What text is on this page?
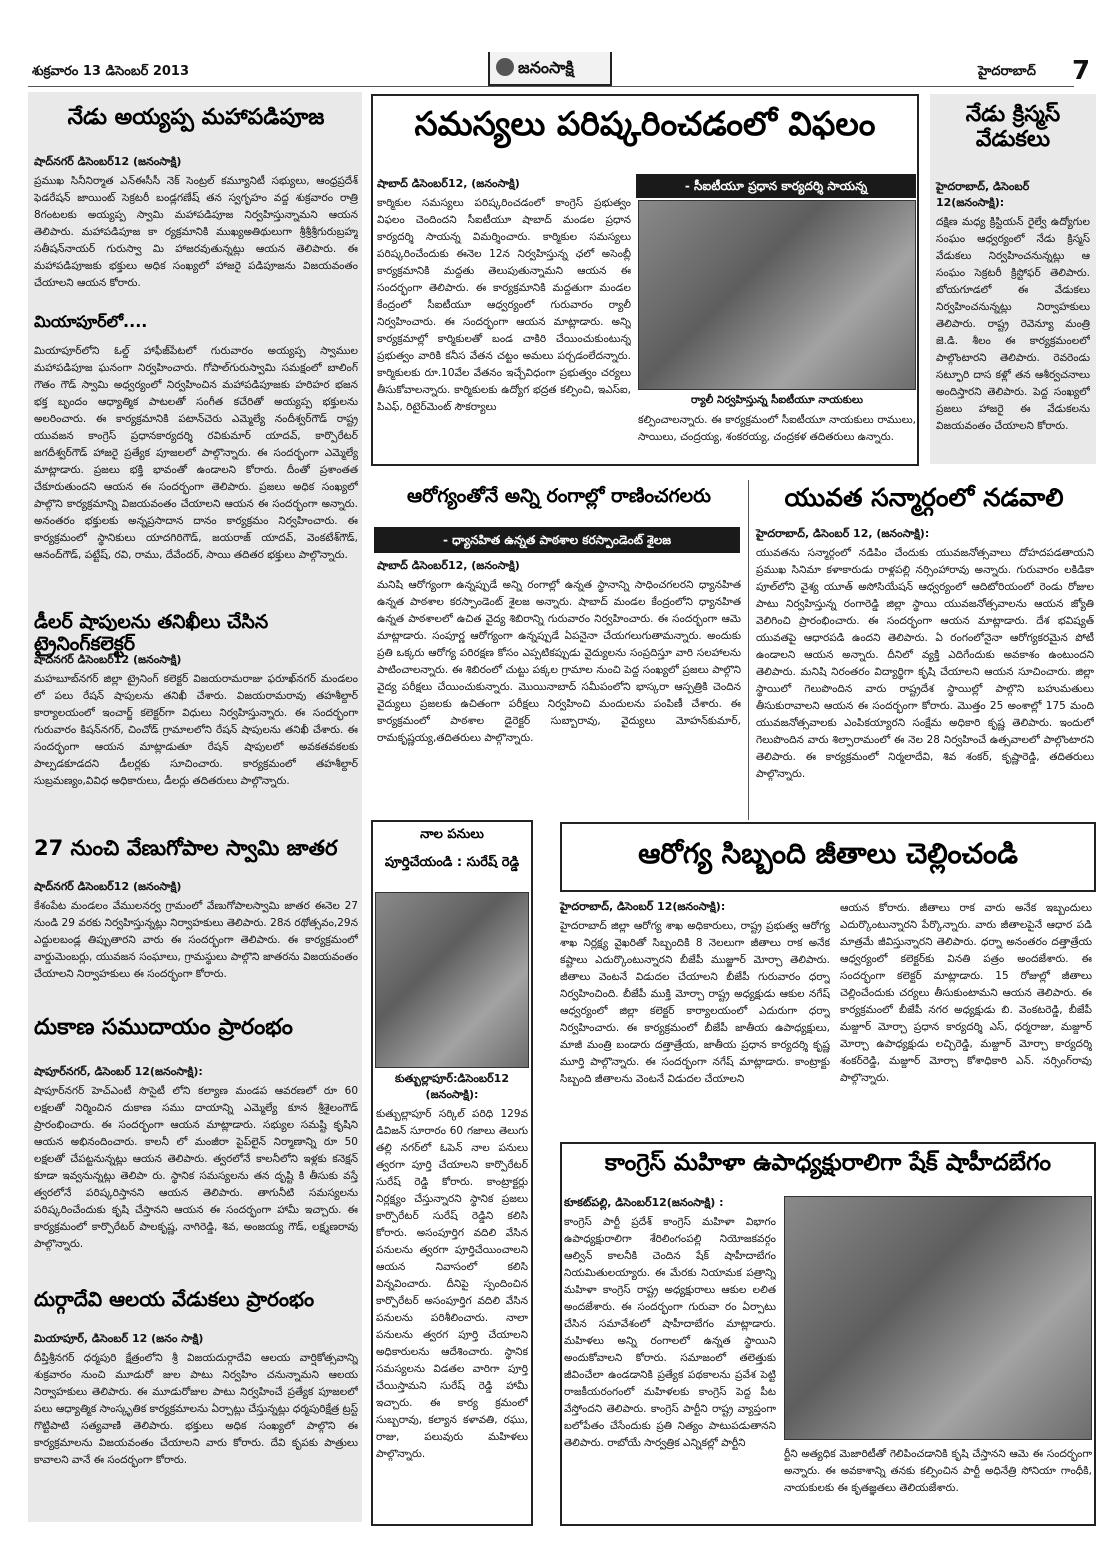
శుక్రవారం 13 డిసెంబర్ 2013	జనంసాక్షి	హైదరాబాద్ 7
నేడు అయ్యప్ప మహాపడిపూజ
షాద్‌నగర్ డిసెంబర్12 (జనంసాక్షి)
ప్రముఖ సినీనిర్మాత ఎన్‌ఈసీసీ నెక్ సెంట్రల్ కమ్యూనిటీ సభ్యులు, ఆంధ్రప్రదేశ్ ఫెడరేషన్ జాయింట్ సెక్రటరీ బండ్లగణేష్ తన స్వగృహం వద్ద శుక్రవారం రాత్రి 8గంటలకు అయ్యప్ప స్వామి మహాపడిపూజ నిర్వహిస్తున్నామని ఆయన తెలిపారు. మహాపడిపూజ కా ర్యక్రమానికి ముఖ్యఅతిథులుగా శ్రీశ్రీశ్రీగురుబ్రహ్మ సతీషన్‌నాయర్ గురుస్వా మి హాజరవుతున్నట్లు ఆయన తెలిపారు. ఈ మహాపడిపూజకు భక్తులు అధిక సంఖ్యలో హాజరై పడిపూజను విజయవంతం చేయాలని ఆయన కోరారు.
మియాపూర్‌లో....
మియాపూర్‌లోని ఓల్డ్ హాఫీజ్‌పేటలో గురువారం అయ్యప్ప స్వాముల మహాపడిపూజ ఘనంగా నిర్వహించారు. గోపాల్‌గురుస్వామి సమక్షంలో బాలింగ్ గౌతం గౌడ్ స్వామి అధ్వర్యంలో నిర్వహించిన మహాపడిపూజకు హరిహర భజన భక్త బృందం ఆధ్యాత్మిక పాటలతో సంగీత కచేరితో అయ్యప్ప భక్తులను అలరించారు. ఈ కార్యక్రమానికి పటాన్‌చెరు ఎమ్మెల్యే నందీశ్వర్‌గౌడ్ రాష్ట్ర యువజన కాంగ్రెస్ ప్రధానకార్యదర్శి రవికుమార్ యాదవ్, కార్పొరేటర్ జగదీశ్వర్‌గౌడ్ హాజరై ప్రత్యేక పూజలలో పాల్గొన్నారు. ఈ సందర్భంగా ఎమ్మెల్యే మాట్లాడారు. ప్రజలు భక్తి భావంతో ఉండాలని కోరారు. దీంతో ప్రశాంతత చేకూరుతుందని ఆయన ఈ సందర్భంగా తెలిపారు. ప్రజలు అధిక సంఖ్యలో పాల్గొని కార్యక్రమాన్ని విజయవంతం చేయాలని ఆయన ఈ సందర్భంగా అన్నారు. అనంతరం భక్తులకు అన్నప్రసాదాన దానం కార్యక్రమం నిర్వహించారు. ఈ కార్యక్రమంలో స్థానికులు యాదగిరిగౌడ్, జయరాజ్ యాదవ్, వెంకటేశ్‌గౌడ్, ఆనంద్‌గౌడ్, పట్టేష్, రవి, రాము, దేవేందర్, సాయి తదితర భక్తులు పాల్గొన్నారు.
డీలర్ షాపులను తనిఖీలు చేసిన ట్రైనింగ్‌కలెక్టర్
షాద్‌నగర్ డిసెంబర్12 (జనంసాక్షి)
మహబూబ్‌నగర్ జిల్లా ట్రైనింగ్ కలెక్టర్ విజయరామరాజు ఫరూఖ్‌నగర్ మండలం లో పలు రేషన్ షాపులను తనిఖీ చేశారు. విజయరామరావు తహశీల్దార్ కార్యాలయంలో ఇంచార్జ్ కలెక్టర్‌గా విధులు నిర్వహిస్తున్నారు. ఈ సందర్భంగా గురువారం కిషన్‌నగర్, చించోడ్ గ్రామాలలోని రేషన్ షాపులను తనిఖీ చేశారు. ఈ సందర్భంగా ఆయన మాట్లాడుతూ రేషన్ షాపులలో అవకతవకలకు పాల్పడకూడదని డీలర్లకు సూచించారు. కార్యక్రమంలో తహశీల్దార్ సుబ్రమణ్యం,వివిధ అధికారులు, డీలర్లు తదితరులు పాల్గొన్నారు.
27 నుంచి వేణుగోపాల స్వామి జాతర
షాద్‌నగర్ డిసెంబర్12 (జనంసాక్షి)
కేశంపేట మండలం వేములనర్వ గ్రామంలో వేణుగోపాలస్వామి జాతర ఈనెల 27 నుండి 29 వరకు నిర్వహిస్తున్నట్లు నిర్వాహకులు తెలిపారు. 28న రథోత్సవం,29న ఎద్దులబండ్ల తిప్పుతారని వారు ఈ సందర్భంగా తెలిపారు. ఈ కార్యక్రమంలో వార్డుమెంబర్లు, యువజన సంఘాలు, గ్రామస్థులు పాల్గొని జాతరను విజయవంతం చేయాలని నిర్వాహకులు ఈ సందర్భంగా కోరారు.
దుకాణ సముదాయం ప్రారంభం
షాపూర్‌నగర్, డిసెంబర్ 12(జనంసాక్షి):
షాపూర్‌నగర్ హెచ్ఎంటీ సొసైటీ లోని కల్యాణ మండప ఆవరణలో రూ 60 లక్షలతో నిర్మించిన దుకాణ సము దాయాన్ని ఎమ్మెల్యే కూన శ్రీశైలంగౌడ్ ప్రారంభించారు. ఈ సందర్భంగా ఆయన మాట్లాడారు. సభ్యుల సమష్టి కృషిని ఆయన అభినందించారు. కాలనీ లో మంజీరా పైప్‌లైన్ నిర్మాణాన్ని రూ 50 లక్షలతో చేపట్టనున్నట్లు ఆయన తెలిపారు. త్వరలోనే కాలనీలోని ఇళ్లకు కనెక్షన్ కూడా ఇవ్వనున్నట్లు తెలిపా రు. స్థానిక సమస్యలను తన దృష్టి కి తీసుకు వస్తే త్వరలోనే పరిష్కరిస్తానని ఆయన తెలిపారు. తాగునీటి సమస్యలను పరిష్కరించేందుకు కృషి చేస్తానని ఆయన ఈ సందర్భంగా హామీ ఇచ్చారు. ఈ కార్యక్రమంలో కార్పొరేటర్ పాలకృష్ణ, నాగిరెడ్డి, శివ, అంజయ్య గౌడ్, లక్ష్మణరావు పాల్గొన్నారు.
దుర్గాదేవి ఆలయ వేడుకలు ప్రారంభం
మియాపూర్, డిసెంబర్ 12 (జనం సాక్షి)
దీప్తిశ్రీనగర్ ధర్మపురి క్షేత్రంలోని శ్రీ విజయదుర్గాదేవి ఆలయ వార్షికోత్సవాన్ని శుక్రవారం నుంచి మూడురో జుల పాటు నిర్వహిం చనున్నామని ఆలయ నిర్వాహకులు తెలిపారు. ఈ మూడురోజుల పాటు నిర్వహించే ప్రత్యేక పూజలలో పలు ఆధ్యాత్మిక సాంస్కృతిక కార్యక్రమాలను ఏర్పాట్లు చేస్తున్నట్లు ధర్మపురిక్షేత్ర ట్రస్ట్ గొట్టిపాటి సత్యవాణి తెలిపారు. భక్తులు అధిక సంఖ్యలో పాల్గొని ఈ కార్యక్రమాలను విజయవంతం చేయాలని వారు కోరారు. దేవి కృపకు పాత్రులు కావాలని వానే ఈ సందర్భంగా కోరారు.
సమస్యలు పరిష్కరించడంలో విఫలం
- సీఐటీయూ ప్రధాన కార్యదర్శి సాయన్న
షాబాద్ డిసెంబర్12, (జనంసాక్షి)
కార్మికుల సమస్యలు పరిష్కరించడంలో కాంగ్రెస్ ప్రభుత్వం విఫలం చెందిందని సీఐటీయూ షాబాద్ మండల ప్రధాన కార్యదర్శి సాయన్న విమర్శించారు. కార్మికుల సమస్యలు పరిష్కరించేందుకు ఈనెల 12న నిర్వహిస్తున్న ఛలో అసెంబ్లీ కార్యక్రమానికి మద్దతు తెలుపుతున్నామని ఆయన ఈ సందర్భంగా తెలిపారు. ఈ కార్యక్రమానికి మద్దతుగా మండల కేంద్రంలో సీఐటీయూ ఆధ్వర్యంలో గురువారం ర్యాలీ నిర్వహించారు. ఈ సందర్భంగా ఆయన మాట్లాడారు. అన్ని కార్యక్రమాల్లో కార్మికులతో బండ చాకిరి చేయించుకుంటున్న ప్రభుత్వం వారికి కనీస వేతన చట్టం అమలు పర్చడంలేదన్నారు. కార్మికులకు రూ.10వేల వేతనం ఇచ్చేవిధంగా ప్రభుత్వం చర్యలు తీసుకోవాలన్నారు. కార్మికులకు ఉద్యోగ భద్రత కల్పించి, ఇఎస్ఐ, పిఎఫ్, రిటైర్‌మెంట్ సౌకర్యాలు
ర్యాలీ నిర్వహిస్తున్న సీఐటీయూ నాయకులు
కల్పించాలన్నారు. ఈ కార్యక్రమంలో సీఐటీయూ నాయకులు రాములు, సాయిలు, చంద్రయ్య, శంకరయ్య, చంద్రకళ తదితరులు ఉన్నారు.
నేడు క్రిస్మస్ వేడుకలు
హైదరాబాద్, డిసెంబర్ 12(జనంసాక్షి):
దక్షిణ మధ్య క్రిస్టియన్ రైల్వే ఉద్యోగుల సంఘం ఆధ్వర్యంలో నేడు క్రిస్మస్ వేడుకలు నిర్వహించనున్నట్లు ఆ సంఘం సెక్రటరీ క్రిస్టోఫర్ తెలిపారు. బోయగూడలో ఈ వేడుకలు నిర్వహించనున్నట్లు నిర్వాహకులు తెలిపారు. రాష్ట్ర రెవెన్యూ మంత్రి జె.డి. శీలం ఈ కార్యక్రమంలలో పాల్గొంటారని తెలిపారు. రెవరెండు సట్ఫూరి దాస కళ్లో తన ఆశీర్వచనాలు అందిస్తారని తెలిపారు. పెద్ద సంఖ్యలో ప్రజలు హాజరై ఈ వేడుకలను విజయవంతం చేయాలని కోరారు.
ఆరోగ్యంతోనే అన్ని రంగాల్లో రాణించగలరు
- ధ్యానహిత ఉన్నత పాఠశాల కరస్పాండెంట్ శైలజ
షాబాద్ డిసెంబర్12, (జనంసాక్షి)
మనిషి ఆరోగ్యంగా ఉన్నప్పుడే అన్ని రంగాల్లో ఉన్నత స్థానాన్ని సాధించగలరని ధ్యానహిత ఉన్నత పాఠశాల కరస్పాండెంట్ శైలజ అన్నారు. షాబాద్ మండల కేంద్రంలోని ధ్యానహిత ఉన్నత పాఠశాలలో ఉచిత వైద్య శిబిరాన్ని గురువారం నిర్వహించారు. ఈ సందర్భంగా ఆమె మాట్లాడారు. సంపూర్ణ ఆరోగ్యంగా ఉన్నప్పుడే ఏపనైనా చేయగలుగుతామన్నారు. అందుకు ప్రతి ఒక్కరు ఆరోగ్య పరిరక్షణ కోసం ఎప్పటికప్పుడు వైద్యులను సంప్రదిస్తూ వారి సలహాలను పాటించాలన్నారు. ఈ శిబిరంలో చుట్టు పక్కల గ్రామాల నుంచి పెద్ద సంఖ్యలో ప్రజలు పాల్గొని వైద్య పరీక్షలు చేయించుకున్నారు. మొయినాబాద్ సమీపంలోని భాస్కరా ఆస్పత్రికి చెందిన వైద్యులు ప్రజలకు ఉచితంగా పరీక్షలు నిర్వహించి మందులను పంపిణీ చేశారు. ఈ కార్యక్రమంలో పాఠశాల డైరెక్టర్ సుబ్బారావు, వైద్యులు మోహన్‌కుమార్, రామకృష్ణయ్య,తదితరులు పాల్గొన్నారు.
యువత సన్మార్గంలో నడవాలి
హైదరాబాద్, డిసెంబర్ 12, (జనంసాక్షి):
యువతను సన్మార్గంలో నడిపిం చేందుకు యువజనోత్సవాలు దోహదపడతాయని ప్రముఖ సినిమా కళాకారుడు రాళ్లపల్లి నర్సింహారావు అన్నారు. గురువారం లకిడికా పూల్‌లోని వైశ్య యూత్ అసోసియేషన్ ఆధ్వర్యంలో ఆదిటోరియంలో రెండు రోజుల పాటు నిర్వహిస్తున్న రంగారెడ్డి జిల్లా స్థాయి యువజనోత్సవాలను ఆయన జ్యోతి వెలిగించి ప్రారంభించారు. ఈ సందర్భంగా ఆయన మాట్లాడారు. దేశ భవిష్యత్ యువతపై ఆధారపడి ఉందని తెలిపారు. ఏ రంగంలోనైనా ఆరోగ్యకరమైన పోటీ ఉండాలని ఆయన అన్నారు. దీనిలో వ్యక్తి ఎదిగేందుకు అవకాశం ఉంటుందని తెలిపారు. మనిషి నిరంతరం విద్యార్థిగా కృషి చేయాలని ఆయన సూచించారు. జిల్లా స్థాయిలో గెలుపొందిన వారు రాష్ట్రదేశ స్థాయిల్లో పాల్గొని బహుమతులు తీసుకురావాలని ఆయన ఈ సందర్భంగా కోరారు. మొత్తం 25 అంశాల్లో 175 మంది యువజనోత్సవాలకు ఎంపికయ్యారని సంక్షేమ అధికారి కృష్ణ తెలిపారు. ఇందులో గెలుపొందిన వారు శిల్పారామంలో ఈ నెల 28 నిర్వహించే ఉత్సవాలలో పాల్గొంటారని తెలిపారు. ఈ కార్యక్రమంలో నిర్మలాదేవి, శివ శంకర్, కృష్ణారెడ్డి, తదితరులు పాల్గొన్నారు.
నాల పనులు
పూర్తిచేయండి : సురేష్ రెడ్డి
కుత్బుల్లాపూర్:డిసెంబర్12 (జనంసాక్షి):
కుత్బుల్లాపూర్ సర్కిల్ పరిధి 129వ డివిజన్ సూరారం 60 గజాలు తెలుగు తల్లి నగర్‌లో ఓపెన్ నాల పనులు త్వరగా పూర్తి చేయాలని కార్పొరేటర్ సురేష్ రెడ్డి కోరారు. కాంట్రాక్టర్లు నిర్లక్ష్యం చేస్తున్నారని స్థానిక ప్రజలు కార్పొరేటర్ సురేష్ రెడ్డిని కలిసి కోరారు. అసంపూర్తిగ వదిలి వేసిన పనులను త్వరగా పూర్తిచేయించాలని ఆయన నివాసంలో కలిసి విన్నవించారు. దీనిపై స్పందించిన కార్పొరేటర్ అసంపూర్తిగ వదిలి వేసిన పనులను పరిశీలించారు. నాలా పనులను త్వరగ పూర్తి చేయాలని అధికారులను ఆదేశించారు. స్థానిక సమస్యలను విడతల వారిగా పూర్తి చేయిస్తామని సురేష్ రెడ్డి హామీ ఇచ్చారు. ఈ కార్య క్రమంలో సుబ్బరావు, కల్యాన కళావతి, రఘు, రాజు, పలువురు మహిళలు పాల్గొన్నారు.
ఆరోగ్య సిబ్బంది జీతాలు చెల్లించండి
హైదరాబాద్, డిసెంబర్ 12(జనంసాక్షి):
హైదరాబాద్ జిల్లా ఆరోగ్య శాఖ అధికారులు, రాష్ట్ర ప్రభుత్వ ఆరోగ్య శాఖ నిర్లక్ష్య వైఖరితో సిబ్బందికి 8 నెలలుగా జీతాలు రాక అనేక కష్టాలు ఎదుర్కొంటున్నారని బీజేపీ ముజ్జూర్ మోర్చా తెలిపారు. జీతాలు వెంటనే విడుదల చేయాలని బీజేపీ గురువారం ధర్నా నిర్వహించింది. బీజేపీ ముక్తి మోర్చా రాష్ట్ర అధ్యక్షుడు ఆకుల నగేష్ ఆధ్వర్యంలో జిల్లా కలెక్టర్ కార్యాలయంలో ఎదురుగా ధర్నా నిర్వహించారు. ఈ కార్యక్రమంలో బీజేపీ జాతీయ ఉపాధ్యక్షులు, మాజీ మంత్రి బండారు దత్తాత్రేయ, జాతీయ ప్రధాన కార్యదర్శి కృష్ణ మూర్తి పాల్గొన్నారు. ఈ సందర్భంగా నగేష్ మాట్లాడారు. కాంట్రాక్టు సిబ్బంది జీతాలను వెంటనే విడుదల చేయాలని
ఆయన కోరారు. జీతాలు రాక వారు అనేక ఇబ్బందులు ఎదుర్కొంటున్నారని పేర్కొన్నారు. వారు జీతాలపైనే ఆధార పడి మాత్రమే జీవిస్తున్నారని తెలిపారు. ధర్నా అనంతరం దత్తాత్రేయ ఆధ్వర్యంలో కలెక్టర్‌కు వినతి పత్రం అందజేశారు. ఈ సందర్భంగా కలెక్టర్ మాట్లాడారు. 15 రోజుల్లో జీతాలు చెల్లించేందుకు చర్యలు తీసుకుంటామని ఆయన తెలిపారు. ఈ కార్యక్రమంలో బీజేపీ నగర అధ్యక్షుడు బి. వెంకటరెడ్డి, బీజేపీ మజ్దూర్ మోర్చా ప్రధాన కార్యదర్శి ఎస్, ధర్మరాజు, మజ్దూర్ మోర్చా ఉపాధ్యక్షుడు లచ్చిరెడ్డి, మజ్దూర్ మోర్చా కార్యదర్శి శంకర్‌రెడ్డి, మజ్దూర్ మోర్చా కోశాధికారి ఎన్. నర్సింగ్‌రావు పాల్గొన్నారు.
కాంగ్రెస్ మహిళా ఉపాధ్యక్షురాలిగా షేక్ షాహీదబేగం
కూకట్‌పల్లి, డిసెంబర్12(జనంసాక్షి) :
కాంగ్రెస్ పార్టీ ప్రదేశ్ కాంగ్రెస్ మహిళా విభాగం ఉపాధ్యక్షురాలిగా శేరిలింగంపల్లి నియోజకవర్గం ఆల్విన్ కాలనీకి చెందిన షేక్ షాహీదాబేగం నియమితులయ్యారు. ఈ మేరకు నియామక పత్రాన్ని మహిళా కాంగ్రెస్ రాష్ట్ర అధ్యక్షురాలు ఆకుల లలిత అందజేశారు. ఈ సందర్భంగా గురువా రం ఏర్పాటు చేసిన సమావేశంలో షాహీదాబేగం మాట్లాడారు. మహిళలు అన్ని రంగాలలో ఉన్నత స్థాయిని అందుకోవాలని కోరారు. సమాజంలో తలెత్తుకు జీవించేలా ఉండడానికి ప్రత్యేక పథకాలను ప్రవేశ పెట్టి రాజకీయరంగంలో మహిళలకు కాంగ్రెస్ పెద్ద పీట వేస్తోందని తెలిపారు. కాంగ్రెస్ పార్టీని రాష్ట్ర వ్యాప్తంగా బలోపేతం చేసేందుకు ప్రతి నిత్యం పాటుపడుతానని తెలిపారు. రాబోయే సార్వత్రిక ఎన్నికల్లో పార్టీని
ర్టీని అత్యధిక మెజారిటీతో గెలిపించడానికి కృషి చేస్తానని ఆమె ఈ సందర్భంగా అన్నారు. ఈ అవకాశాన్ని తనకు కల్పించిన పార్టీ అధినేత్రి సోనియా గాంధీకి, నాయకులకు ఈ కృతజ్ఞతలు తెలియజేశారు.
